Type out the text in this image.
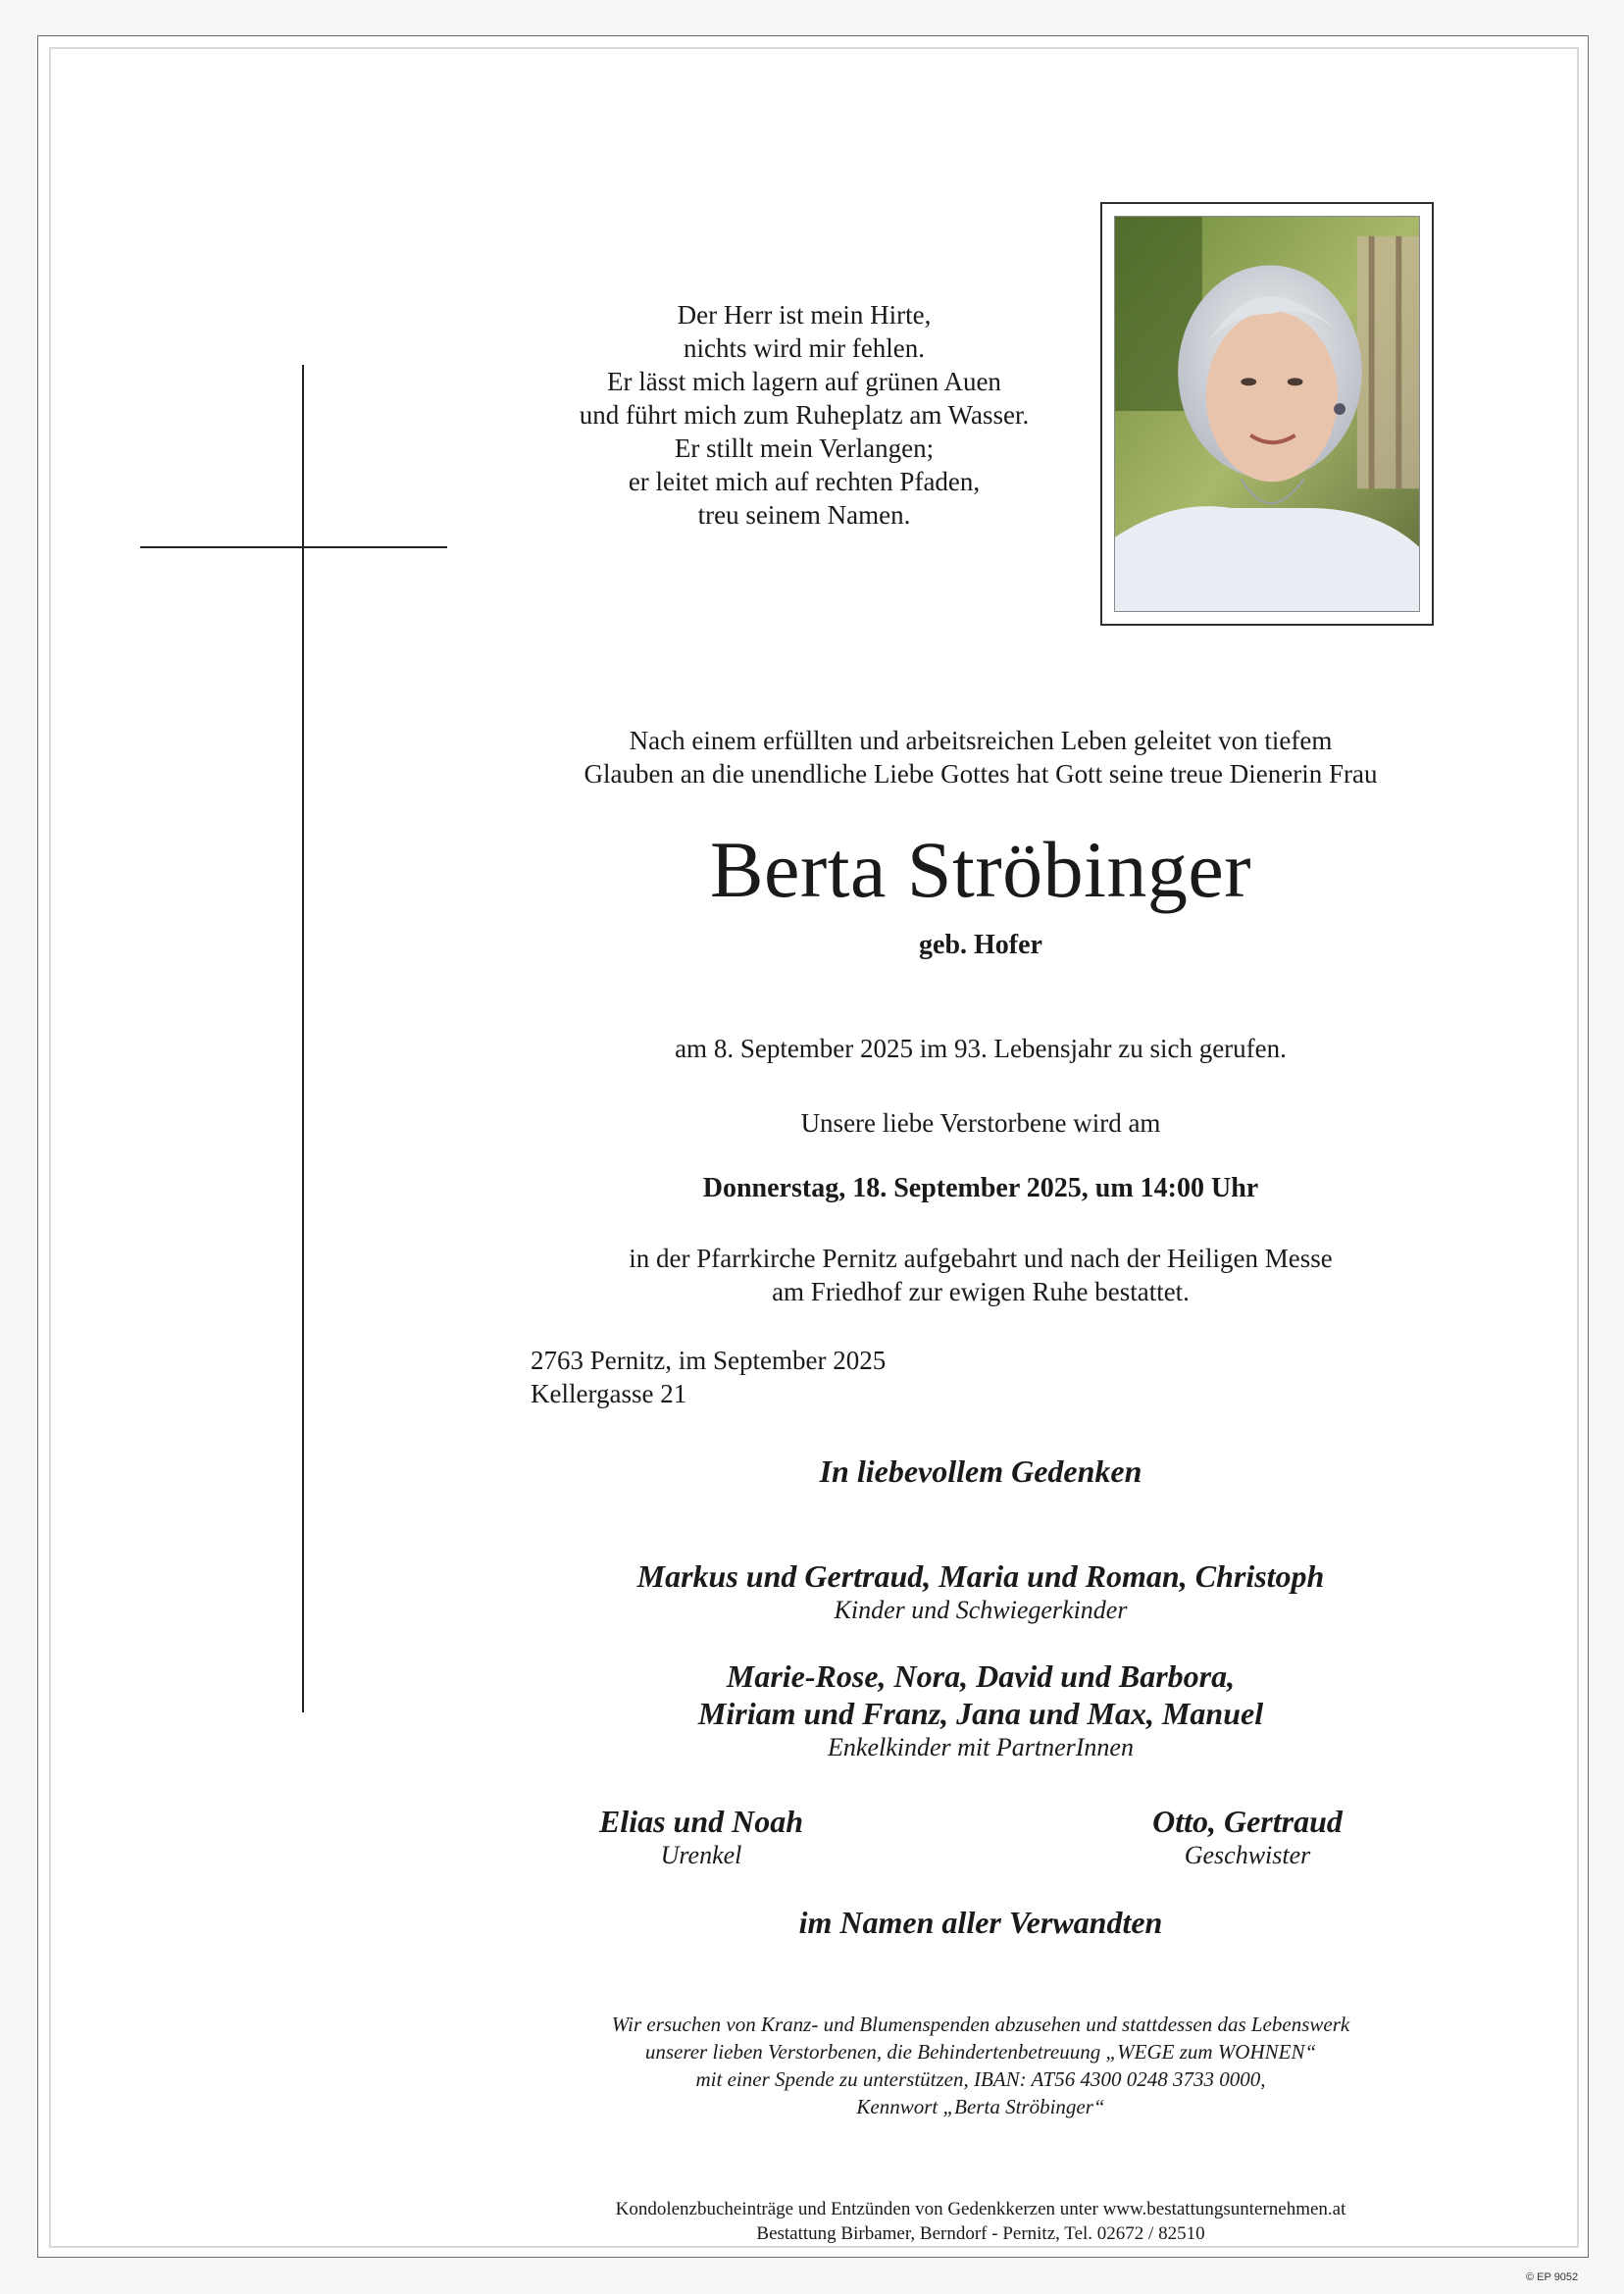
Der Herr ist mein Hirte,
nichts wird mir fehlen.
Er lässt mich lagern auf grünen Auen
und führt mich zum Ruheplatz am Wasser.
Er stillt mein Verlangen;
er leitet mich auf rechten Pfaden,
treu seinem Namen.
Nach einem erfüllten und arbeitsreichen Leben geleitet von tiefem
Glauben an die unendliche Liebe Gottes hat Gott seine treue Dienerin Frau
Berta Ströbinger
geb. Hofer
am 8. September 2025 im 93. Lebensjahr zu sich gerufen.
Unsere liebe Verstorbene wird am
Donnerstag, 18. September 2025, um 14:00 Uhr
in der Pfarrkirche Pernitz aufgebahrt und nach der Heiligen Messe
am Friedhof zur ewigen Ruhe bestattet.
2763 Pernitz, im September 2025
Kellergasse 21
In liebevollem Gedenken
Markus und Gertraud, Maria und Roman, Christoph
Kinder und Schwiegerkinder
Marie-Rose, Nora, David und Barbora,
Miriam und Franz, Jana und Max, Manuel
Enkelkinder mit PartnerInnen
Elias und Noah
Urenkel
Otto, Gertraud
Geschwister
im Namen aller Verwandten
Wir ersuchen von Kranz- und Blumenspenden abzusehen und stattdessen das Lebenswerk
unserer lieben Verstorbenen, die Behindertenbetreuung „WEGE zum WOHNEN“
mit einer Spende zu unterstützen, IBAN: AT56 4300 0248 3733 0000,
Kennwort „Berta Ströbinger“
Kondolenzbucheinträge und Entzünden von Gedenkkerzen unter www.bestattungsunternehmen.at
Bestattung Birbamer, Berndorf - Pernitz, Tel. 02672 / 82510
© EP 9052
